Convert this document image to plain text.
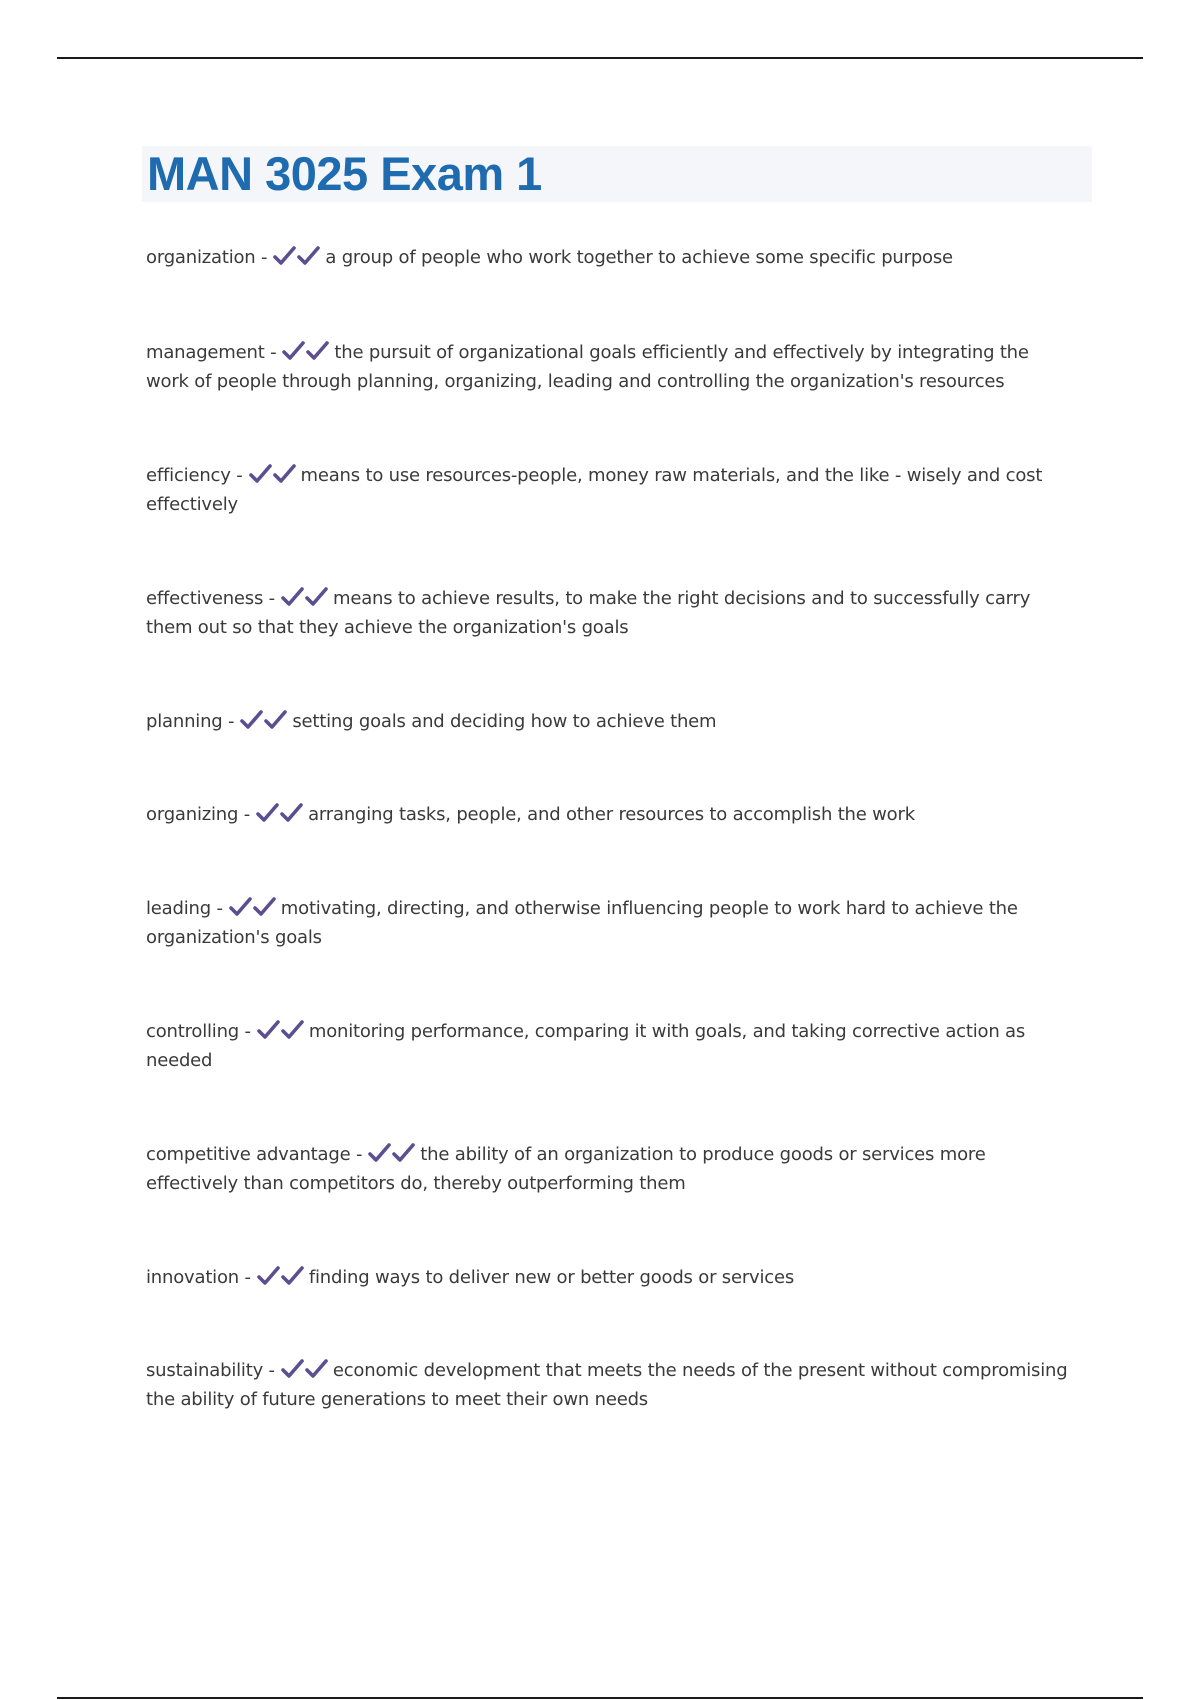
MAN 3025 Exam 1
organization -	a group of people who work together to achieve some specific purpose
management -	the pursuit of organizational goals efficiently and effectively by integrating the work of people through planning, organizing, leading and controlling the organization's resources
efficiency -	means to use resources-people, money raw materials, and the like - wisely and cost effectively
effectiveness -	means to achieve results, to make the right decisions and to successfully carry them out so that they achieve the organization's goals
planning -	setting goals and deciding how to achieve them
organizing -	arranging tasks, people, and other resources to accomplish the work
leading -	motivating, directing, and otherwise influencing people to work hard to achieve the organization's goals
controlling -	monitoring performance, comparing it with goals, and taking corrective action as needed
competitive advantage -	the ability of an organization to produce goods or services more effectively than competitors do, thereby outperforming them
innovation -	finding ways to deliver new or better goods or services
sustainability -	economic development that meets the needs of the present without compromising the ability of future generations to meet their own needs
